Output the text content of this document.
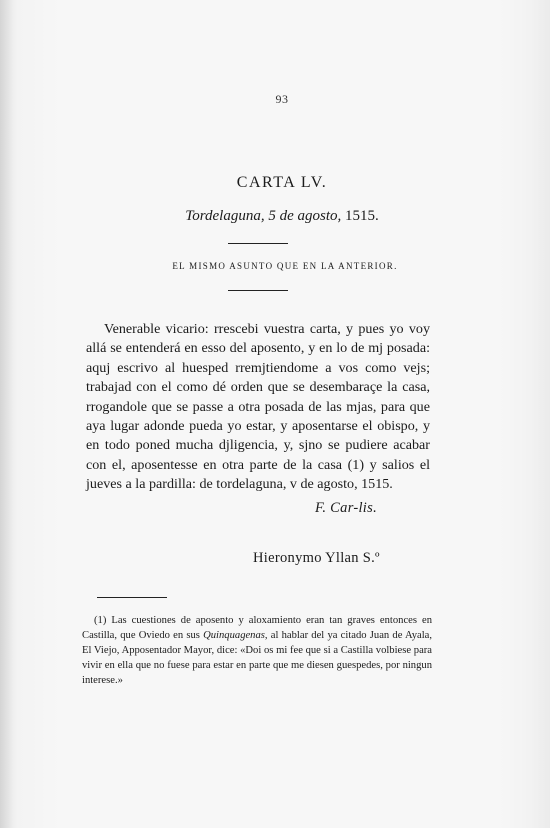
93
CARTA LV.
Tordelaguna, 5 de agosto, 1515.
EL MISMO ASUNTO QUE EN LA ANTERIOR.

Venerable vicario: rrescebi vuestra carta, y pues yo voy allá se entenderá en esso del aposento, y en lo de mj posada: aquj escrivo al huesped rremjtiendome a vos como vejs; trabajad con el como dé orden que se desembaraçe la casa, rrogandole que se passe a otra posada de las mjas, para que aya lugar adonde pueda yo estar, y aposentarse el obispo, y en todo poned mucha djligencia, y, sjno se pudiere acabar con el, aposentesse en otra parte de la casa (1) y salios el jueves a la pardilla: de tordelaguna, v de agosto, 1515.

F. Car-lis.
Hieronymo Yllan S.º

(1) Las cuestiones de aposento y aloxamiento eran tan graves entonces en Castilla, que Oviedo en sus Quinquagenas, al hablar del ya citado Juan de Ayala, El Viejo, Apposentador Mayor, dice: «Doi os mi fee que si a Castilla volbiese para vivir en ella que no fuese para estar en parte que me diesen guespedes, por ningun interese.»
